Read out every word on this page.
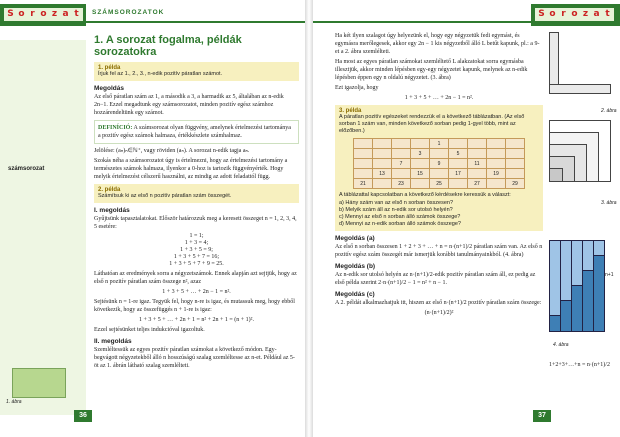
S o r o z a t	SZÁMSOROZATOK
számsorozat
1. ábra
1. A sorozat fogalma, példák sorozatokra
1. példa
Írjuk fel az 1., 2., 3., n-edik pozitív páratlan számot.
Megoldás

Az első páratlan szám az 1, a második a 3, a harmadik az 5, általában az n-edik 2n−1. Ezzel megadtunk egy számsorozatot, minden pozitív egész számhoz hozzárendeltünk egy számot.

DEFINÍCIÓ: A számsorozat olyan függvény, amelynek értelmezési tartománya a pozitív egész számok halmaza, értékkészlete számhalmaz.

Jelölése: (aₙ)ₙ∈ℕ⁺, vagy röviden (aₙ). A sorozat n-edik tagja aₙ.

Szokás néha a számsorozatot úgy is értelmezni, hogy az értelmezési tartomány a természetes számok halmaza, ilyenkor a 0-hoz is tartozik függvényérték. Hogy melyik értelmezést célszerű használni, az mindig az adott feladattól függ.

2. példa
Számítsuk ki az első n pozitív páratlan szám összegét.
I. megoldás

Gyűjtsünk tapasztalatokat. Először határozzuk meg a keresett összeget n = 1, 2, 3, 4, 5 esetére:

1 = 1;
1 + 3 = 4;
1 + 3 + 5 = 9;
1 + 3 + 5 + 7 = 16;
1 + 3 + 5 + 7 + 9 = 25.

Láthatóan az eredmények sorra a négyzetszámok. Ennek alapján azt sejtjük, hogy az első n pozitív páratlan szám összege n², azaz

1 + 3 + 5 + … + 2n − 1 = n².

Sejtésünk n = 1-re igaz. Tegyük fel, hogy n-re is igaz, és mutassuk meg, hogy ebből következik, hogy az összefüggés n + 1-re is igaz:

1 + 3 + 5 + … + 2n + 1 = n² + 2n + 1 = (n + 1)².

Ezzel sejtésünket teljes indukcióval igazoltuk.

II. megoldás

Szemléltessük az egyes pozitív páratlan számokat a következő módon. Egy-begvágott négyzetekből álló n hosszúságú szalag szemléltesse az n-et. Például az 5-öt az 1. ábrán látható szalag szemlélteti.

36
S o r o z a t

Ha két ilyen szalagot úgy helyezünk el, hogy egy négyzetük fedi egymást, és egymásra merőlegesek, akkor egy 2n − 1 kis négyzetből álló L betűt kapunk, pl.: a 9-et a 2. ábra szemlélteti.

Ha most az egyes páratlan számokat szemléltető L alakzatokat sorra egymásba illesztjük, akkor minden lépésben egy-egy négyzetet kapunk, melynek az n-edik lépésben éppen egy n oldalú négyzetet. (3. ábra)

Ezt igazolja, hogy

1 + 3 + 5 + … + 2n − 1 = n².
3. példa
A páratlan pozitív egészeket rendezzük el a következő táblázatban. (Az első sorban 1 szám van, minden következő sorban pedig 1-gyel több, mint az előzőben.)
				1				
			3		5			
		7		9		11		
	13		15		17		19	
21		23		25		27		29
A táblázattal kapcsolatban a következő kérdésekre keressük a választ:
a) Hány szám van az első n sorban összesen?
b) Melyik szám áll az n-edik sor utolsó helyén?
c) Mennyi az első n sorban álló számok összege?
d) Mennyi az n-edik sorban álló számok összege?
Megoldás (a)

Az első n sorban összesen 1 + 2 + 3 + … + n = n·(n+1)/2 páratlan szám van. Az első n pozitív egész szám összegét már ismerjük korábbi tanulmányainkból. (4. ábra)

Megoldás (b)

Az n-edik sor utolsó helyén az n·(n+1)/2-edik pozitív páratlan szám áll, ez pedig az első példa szerint 2·n·(n+1)/2 − 1 = n² + n − 1.

Megoldás (c)

A 2. példát alkalmazhatjuk itt, hiszen az első n·(n+1)/2 pozitív páratlan szám összege:

(n·(n+1)/2)²
2. ábra
3. ábra
n+1
4. ábra
1+2+3+…+n = n·(n+1)/2
37
